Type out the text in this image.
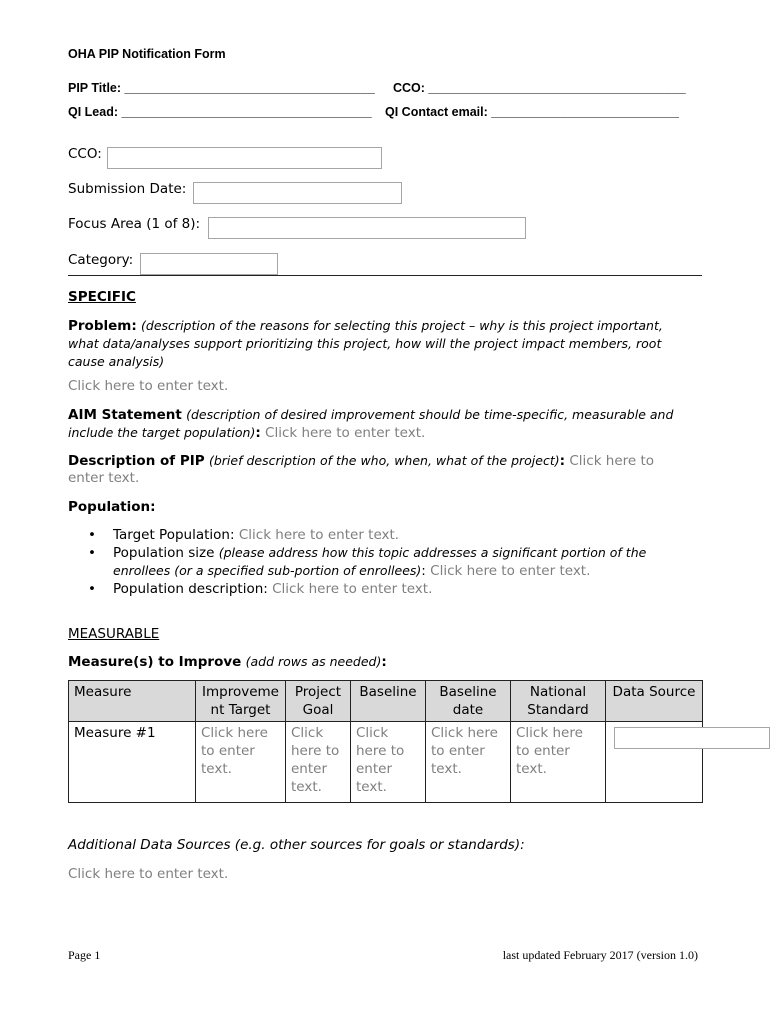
OHA PIP Notification Form
PIP Title: ____________________________________ CCO: _____________________________________
QI Lead: ____________________________________ QI Contact email: ___________________________
CCO:
Submission Date:
Focus Area (1 of 8):
Category:
SPECIFIC
Problem: (description of the reasons for selecting this project – why is this project important, what data/analyses support prioritizing this project, how will the project impact members, root cause analysis)
Click here to enter text.
AIM Statement (description of desired improvement should be time-specific, measurable and include the target population): Click here to enter text.
Description of PIP (brief description of the who, when, what of the project): Click here to enter text.
Population:
• Target Population: Click here to enter text.
• Population size (please address how this topic addresses a significant portion of the enrollees (or a specified sub-portion of enrollees): Click here to enter text.
• Population description: Click here to enter text.
MEASURABLE
Measure(s) to Improve (add rows as needed):
Measure	Improvement Target	Project Goal	Baseline	Baseline date	National Standard	Data Source
Measure #1	Click here to enter text.	Click here to enter text.	Click here to enter text.	Click here to enter text.	Click here to enter text.	
Additional Data Sources (e.g. other sources for goals or standards):
Click here to enter text.
Page 1	last updated February 2017 (version 1.0)
